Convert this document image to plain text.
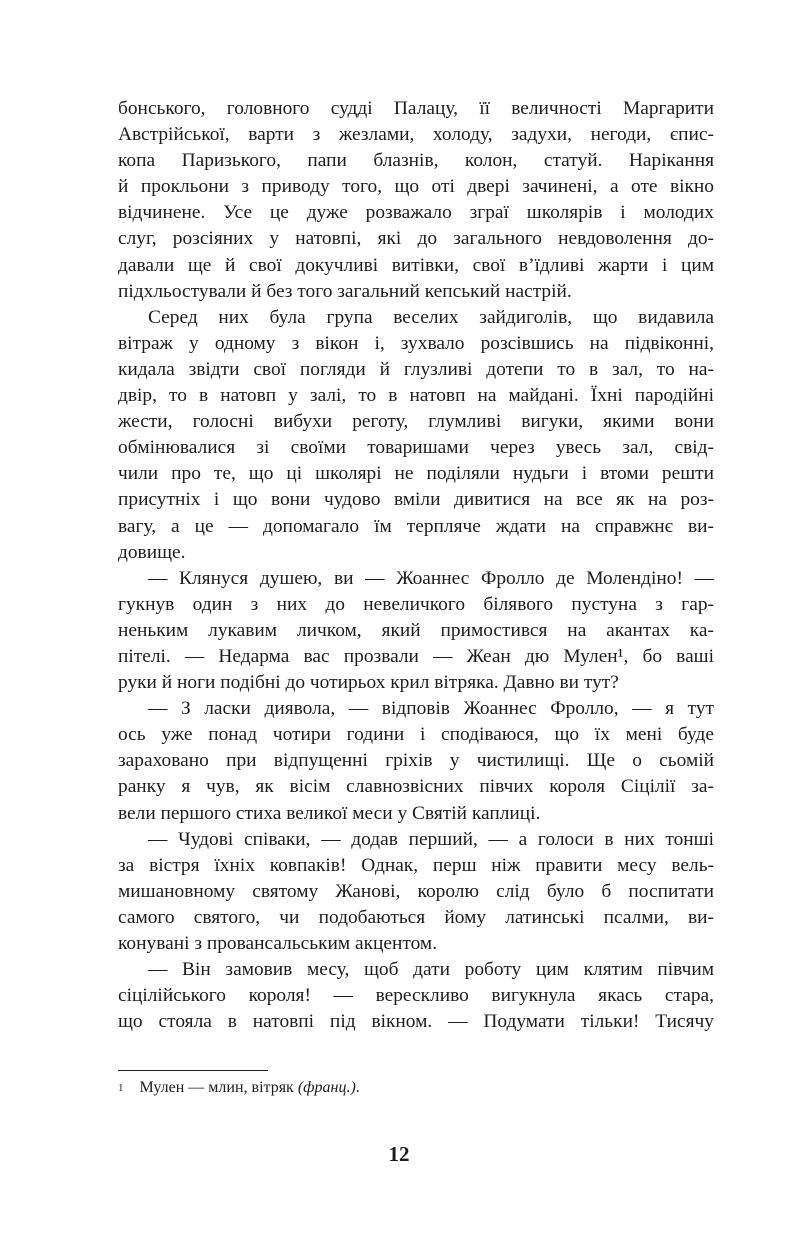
бонського, головного судді Палацу, її величності Маргарити
Австрійської, варти з жезлами, холоду, задухи, негоди, єпис-
копа Паризького, папи блазнів, колон, статуй. Нарікання
й прокльони з приводу того, що оті двері зачинені, а оте вікно
відчинене. Усе це дуже розважало зграї школярів і молодих
слуг, розсіяних у натовпі, які до загального невдоволення до-
давали ще й свої докучливі витівки, свої в’їдливі жарти і цим
підхльостували й без того загальний кепський настрій.
Серед них була група веселих зайдиголів, що видавила
вітраж у одному з вікон і, зухвало розсівшись на підвіконні,
кидала звідти свої погляди й глузливі дотепи то в зал, то на-
двір, то в натовп у залі, то в натовп на майдані. Їхні пародійні
жести, голосні вибухи реготу, глумливі вигуки, якими вони
обмінювалися зі своїми товаришами через увесь зал, свід-
чили про те, що ці школярі не поділяли нудьги і втоми решти
присутніх і що вони чудово вміли дивитися на все як на роз-
вагу, а це — допомагало їм терпляче ждати на справжнє ви-
довище.
— Клянуся душею, ви — Жоаннес Фролло де Молендіно! —
гукнув один з них до невеличкого білявого пустуна з гар-
неньким лукавим личком, який примостився на акантах ка-
пітелі. — Недарма вас прозвали — Жеан дю Мулен¹, бо ваші
руки й ноги подібні до чотирьох крил вітряка. Давно ви тут?
— З ласки диявола, — відповів Жоаннес Фролло, — я тут
ось уже понад чотири години і сподіваюся, що їх мені буде
зараховано при відпущенні гріхів у чистилищі. Ще о сьомій
ранку я чув, як вісім славнозвісних півчих короля Сіцілії за-
вели першого стиха великої меси у Святій каплиці.
— Чудові співаки, — додав перший, — а голоси в них тонші
за вістря їхніх ковпаків! Однак, перш ніж правити месу вель-
мишановному святому Жанові, королю слід було б поспитати
самого святого, чи подобаються йому латинські псалми, ви-
конувані з провансальським акцентом.
— Він замовив месу, щоб дати роботу цим клятим півчим
сіцілійського короля! — верескливо вигукнула якась стара,
що стояла в натовпі під вікном. — Подумати тільки! Тисячу
$^1$ Мулен — млин, вітряк (франц.).
12
